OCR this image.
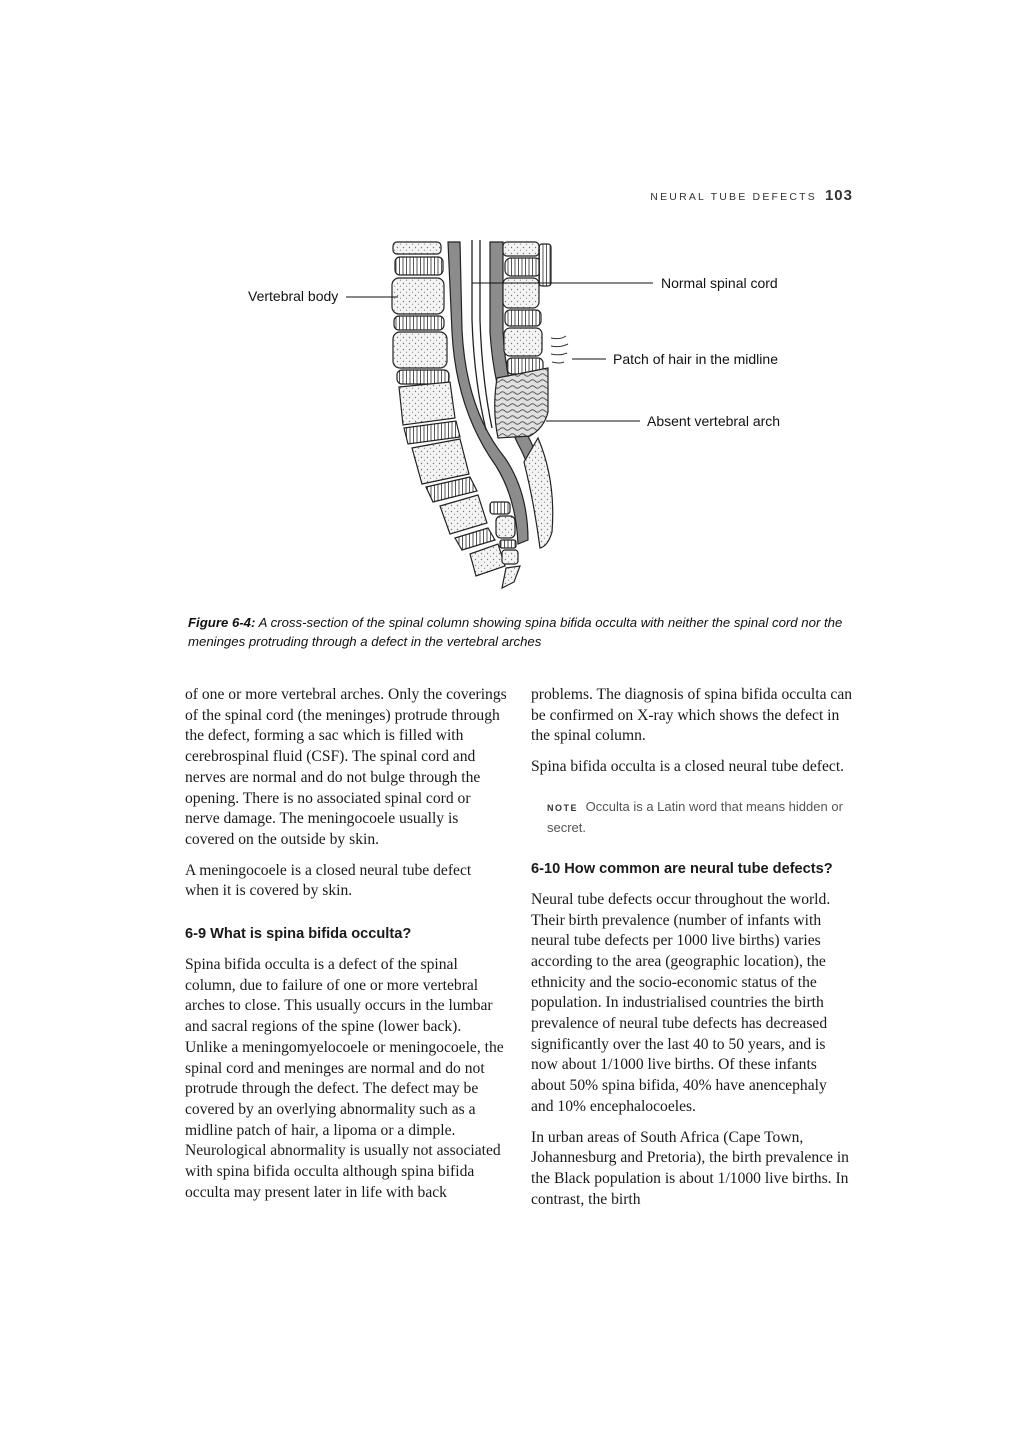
NEURAL TUBE DEFECTS 103
Vertebral body
Normal spinal cord
Patch of hair in the midline
Absent vertebral arch
Figure 6-4: A cross-section of the spinal column showing spina bifida occulta with neither the spinal cord nor the meninges protruding through a defect in the vertebral arches

of one or more vertebral arches. Only the coverings of the spinal cord (the meninges) protrude through the defect, forming a sac which is filled with cerebrospinal fluid (CSF). The spinal cord and nerves are normal and do not bulge through the opening. There is no associated spinal cord or nerve damage. The meningocoele usually is covered on the outside by skin.

A meningocoele is a closed neural tube defect when it is covered by skin.

6-9 What is spina bifida occulta?

Spina bifida occulta is a defect of the spinal column, due to failure of one or more vertebral arches to close. This usually occurs in the lumbar and sacral regions of the spine (lower back). Unlike a meningomyelocoele or meningocoele, the spinal cord and meninges are normal and do not protrude through the defect. The defect may be covered by an overlying abnormality such as a midline patch of hair, a lipoma or a dimple. Neurological abnormality is usually not associated with spina bifida occulta although spina bifida occulta may present later in life with back

problems. The diagnosis of spina bifida occulta can be confirmed on X-ray which shows the defect in the spinal column.

Spina bifida occulta is a closed neural tube defect.

NOTE Occulta is a Latin word that means hidden or secret.
6-10 How common are neural tube defects?

Neural tube defects occur throughout the world. Their birth prevalence (number of infants with neural tube defects per 1000 live births) varies according to the area (geographic location), the ethnicity and the socio-economic status of the population. In industrialised countries the birth prevalence of neural tube defects has decreased significantly over the last 40 to 50 years, and is now about 1/1000 live births. Of these infants about 50% spina bifida, 40% have anencephaly and 10% encephalocoeles.

In urban areas of South Africa (Cape Town, Johannesburg and Pretoria), the birth prevalence in the Black population is about 1/1000 live births. In contrast, the birth
